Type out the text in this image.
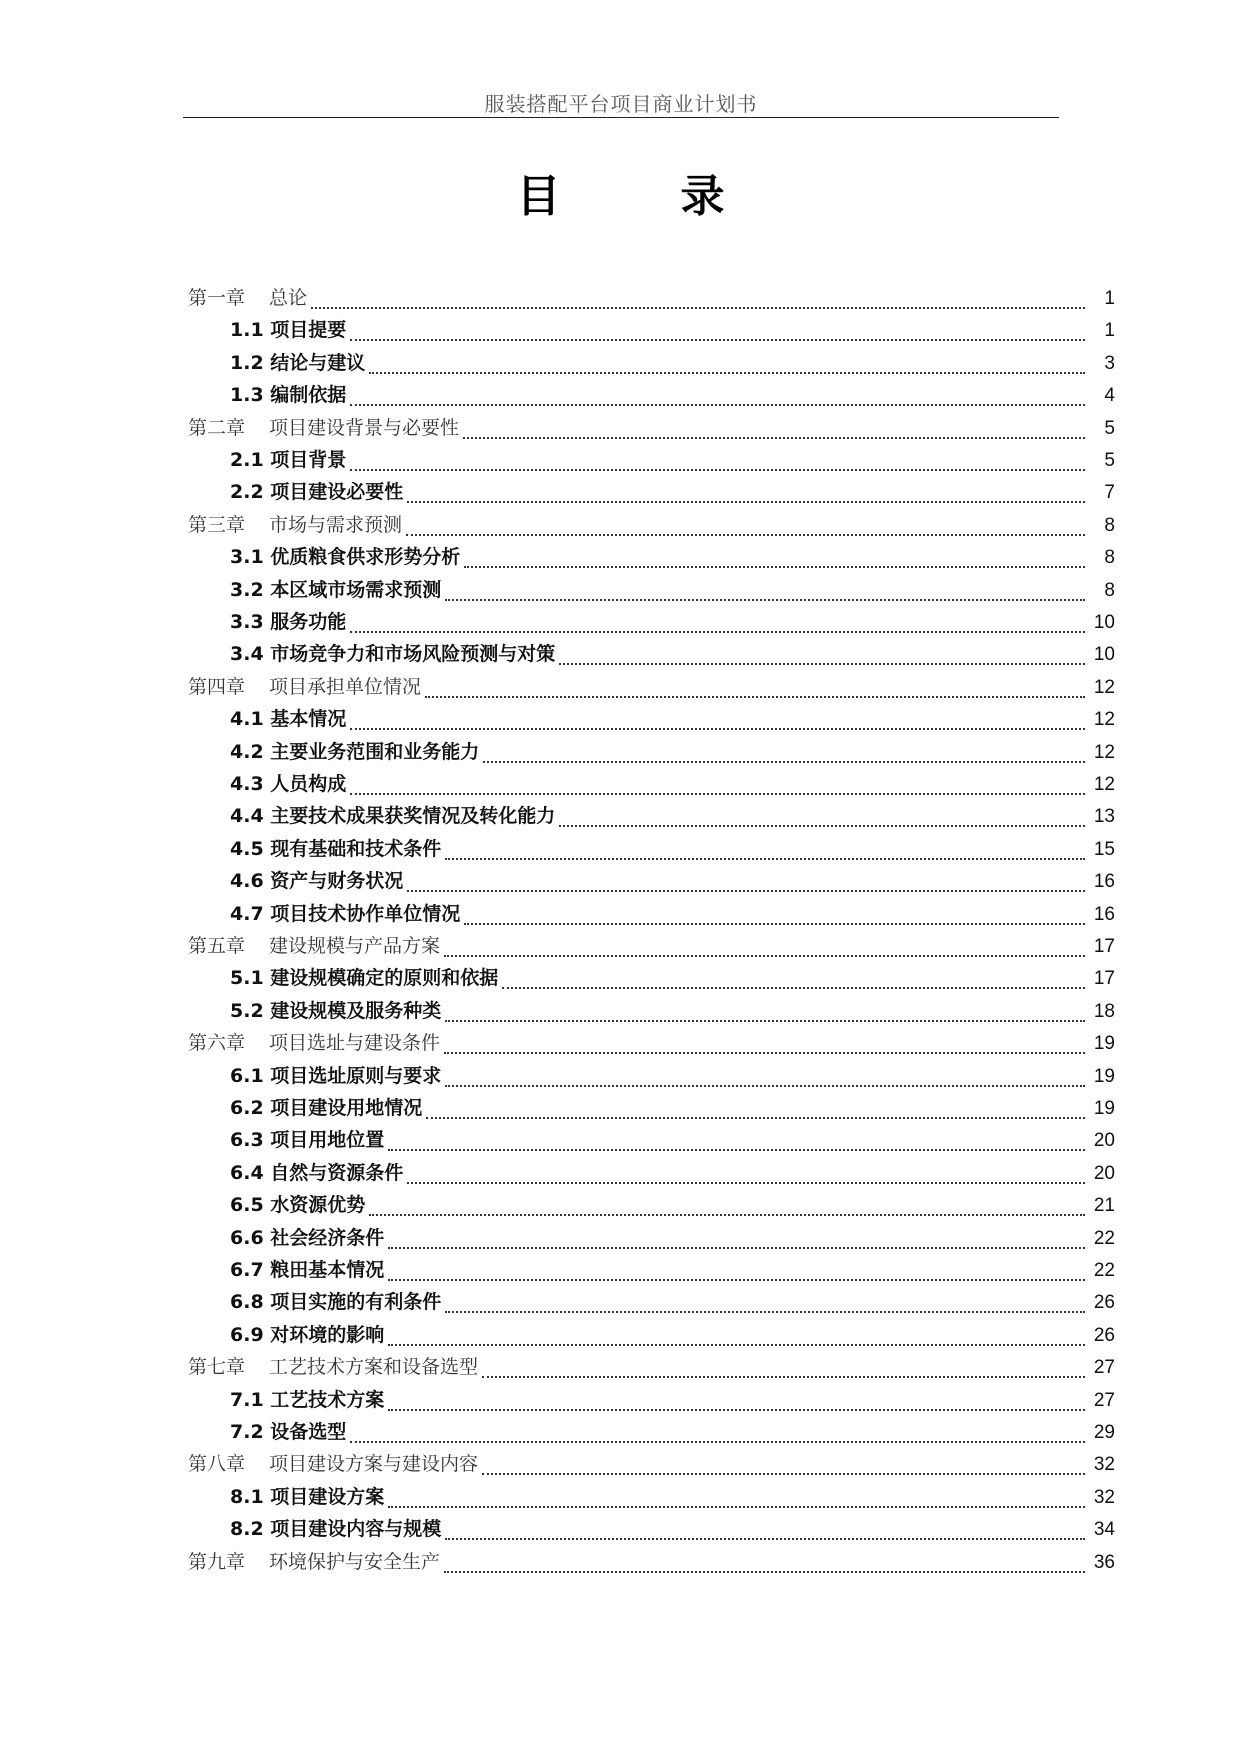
服装搭配平台项目商业计划书
目	录
第一章 总论	1
1.1 项目提要	1
1.2 结论与建议	3
1.3 编制依据	4
第二章 项目建设背景与必要性	5
2.1 项目背景	5
2.2 项目建设必要性	7
第三章 市场与需求预测	8
3.1 优质粮食供求形势分析	8
3.2 本区域市场需求预测	8
3.3 服务功能	10
3.4 市场竞争力和市场风险预测与对策	10
第四章 项目承担单位情况	12
4.1 基本情况	12
4.2 主要业务范围和业务能力	12
4.3 人员构成	12
4.4 主要技术成果获奖情况及转化能力	13
4.5 现有基础和技术条件	15
4.6 资产与财务状况	16
4.7 项目技术协作单位情况	16
第五章 建设规模与产品方案	17
5.1 建设规模确定的原则和依据	17
5.2 建设规模及服务种类	18
第六章 项目选址与建设条件	19
6.1 项目选址原则与要求	19
6.2 项目建设用地情况	19
6.3 项目用地位置	20
6.4 自然与资源条件	20
6.5 水资源优势	21
6.6 社会经济条件	22
6.7 粮田基本情况	22
6.8 项目实施的有利条件	26
6.9 对环境的影响	26
第七章 工艺技术方案和设备选型	27
7.1 工艺技术方案	27
7.2 设备选型	29
第八章 项目建设方案与建设内容	32
8.1 项目建设方案	32
8.2 项目建设内容与规模	34
第九章 环境保护与安全生产	36
